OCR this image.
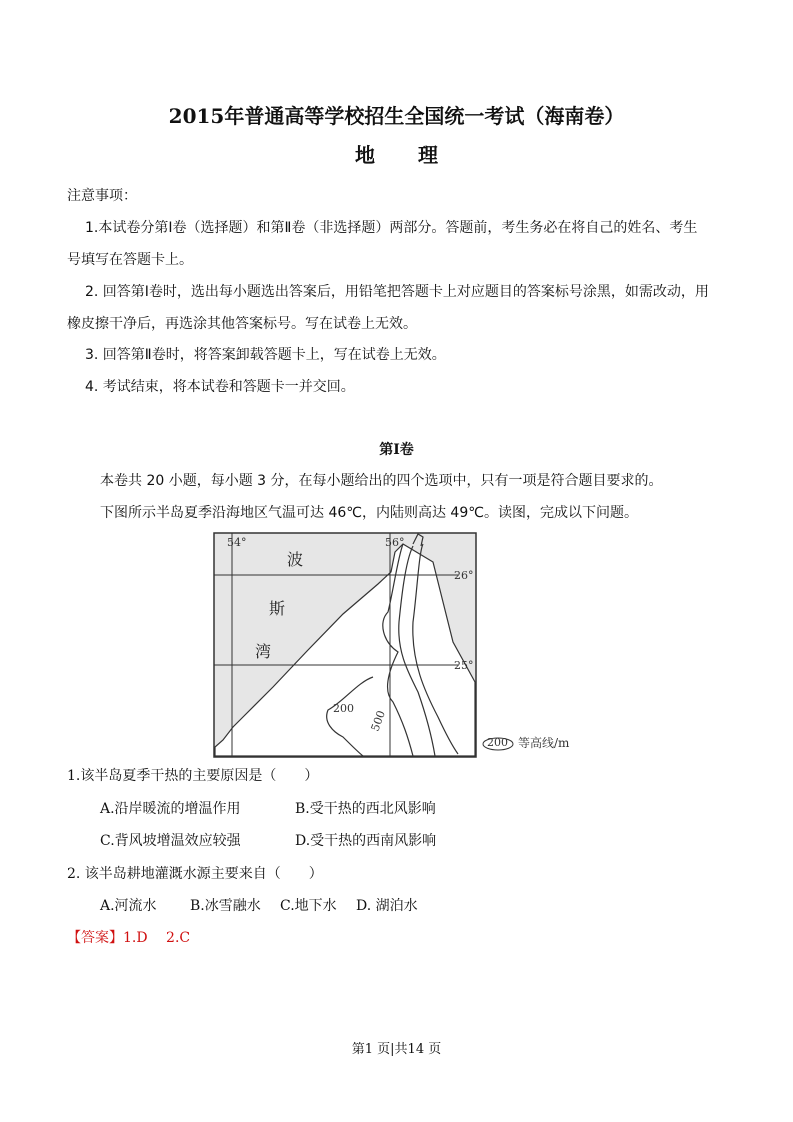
2015年普通高等学校招生全国统一考试（海南卷）
地 理
注意事项：
1.本试卷分第Ⅰ卷（选择题）和第Ⅱ卷（非选择题）两部分。答题前，考生务必在将自己的姓名、考生
号填写在答题卡上。
2. 回答第Ⅰ卷时，选出每小题选出答案后，用铅笔把答题卡上对应题目的答案标号涂黑，如需改动，用
橡皮擦干净后，再选涂其他答案标号。写在试卷上无效。
3. 回答第Ⅱ卷时，将答案卸载答题卡上，写在试卷上无效。
4. 考试结束，将本试卷和答题卡一并交回。
第Ⅰ卷
本卷共 20 小题，每小题 3 分，在每小题给出的四个选项中，只有一项是符合题目要求的。
下图所示半岛夏季沿海地区气温可达 46℃，内陆则高达 49℃。读图，完成以下问题。
54°	56°
26°
25°
波
斯
湾
200
500
200 等高线/m
1.该半岛夏季干热的主要原因是（　　）
A.沿岸暖流的增温作用	B.受干热的西北风影响
C.背风坡增温效应较强	D.受干热的西南风影响
2. 该半岛耕地灌溉水源主要来自（　　）
A.河流水 B.冰雪融水 C.地下水 D. 湖泊水
【答案】1.D　 2.C
第1 页|共14 页
